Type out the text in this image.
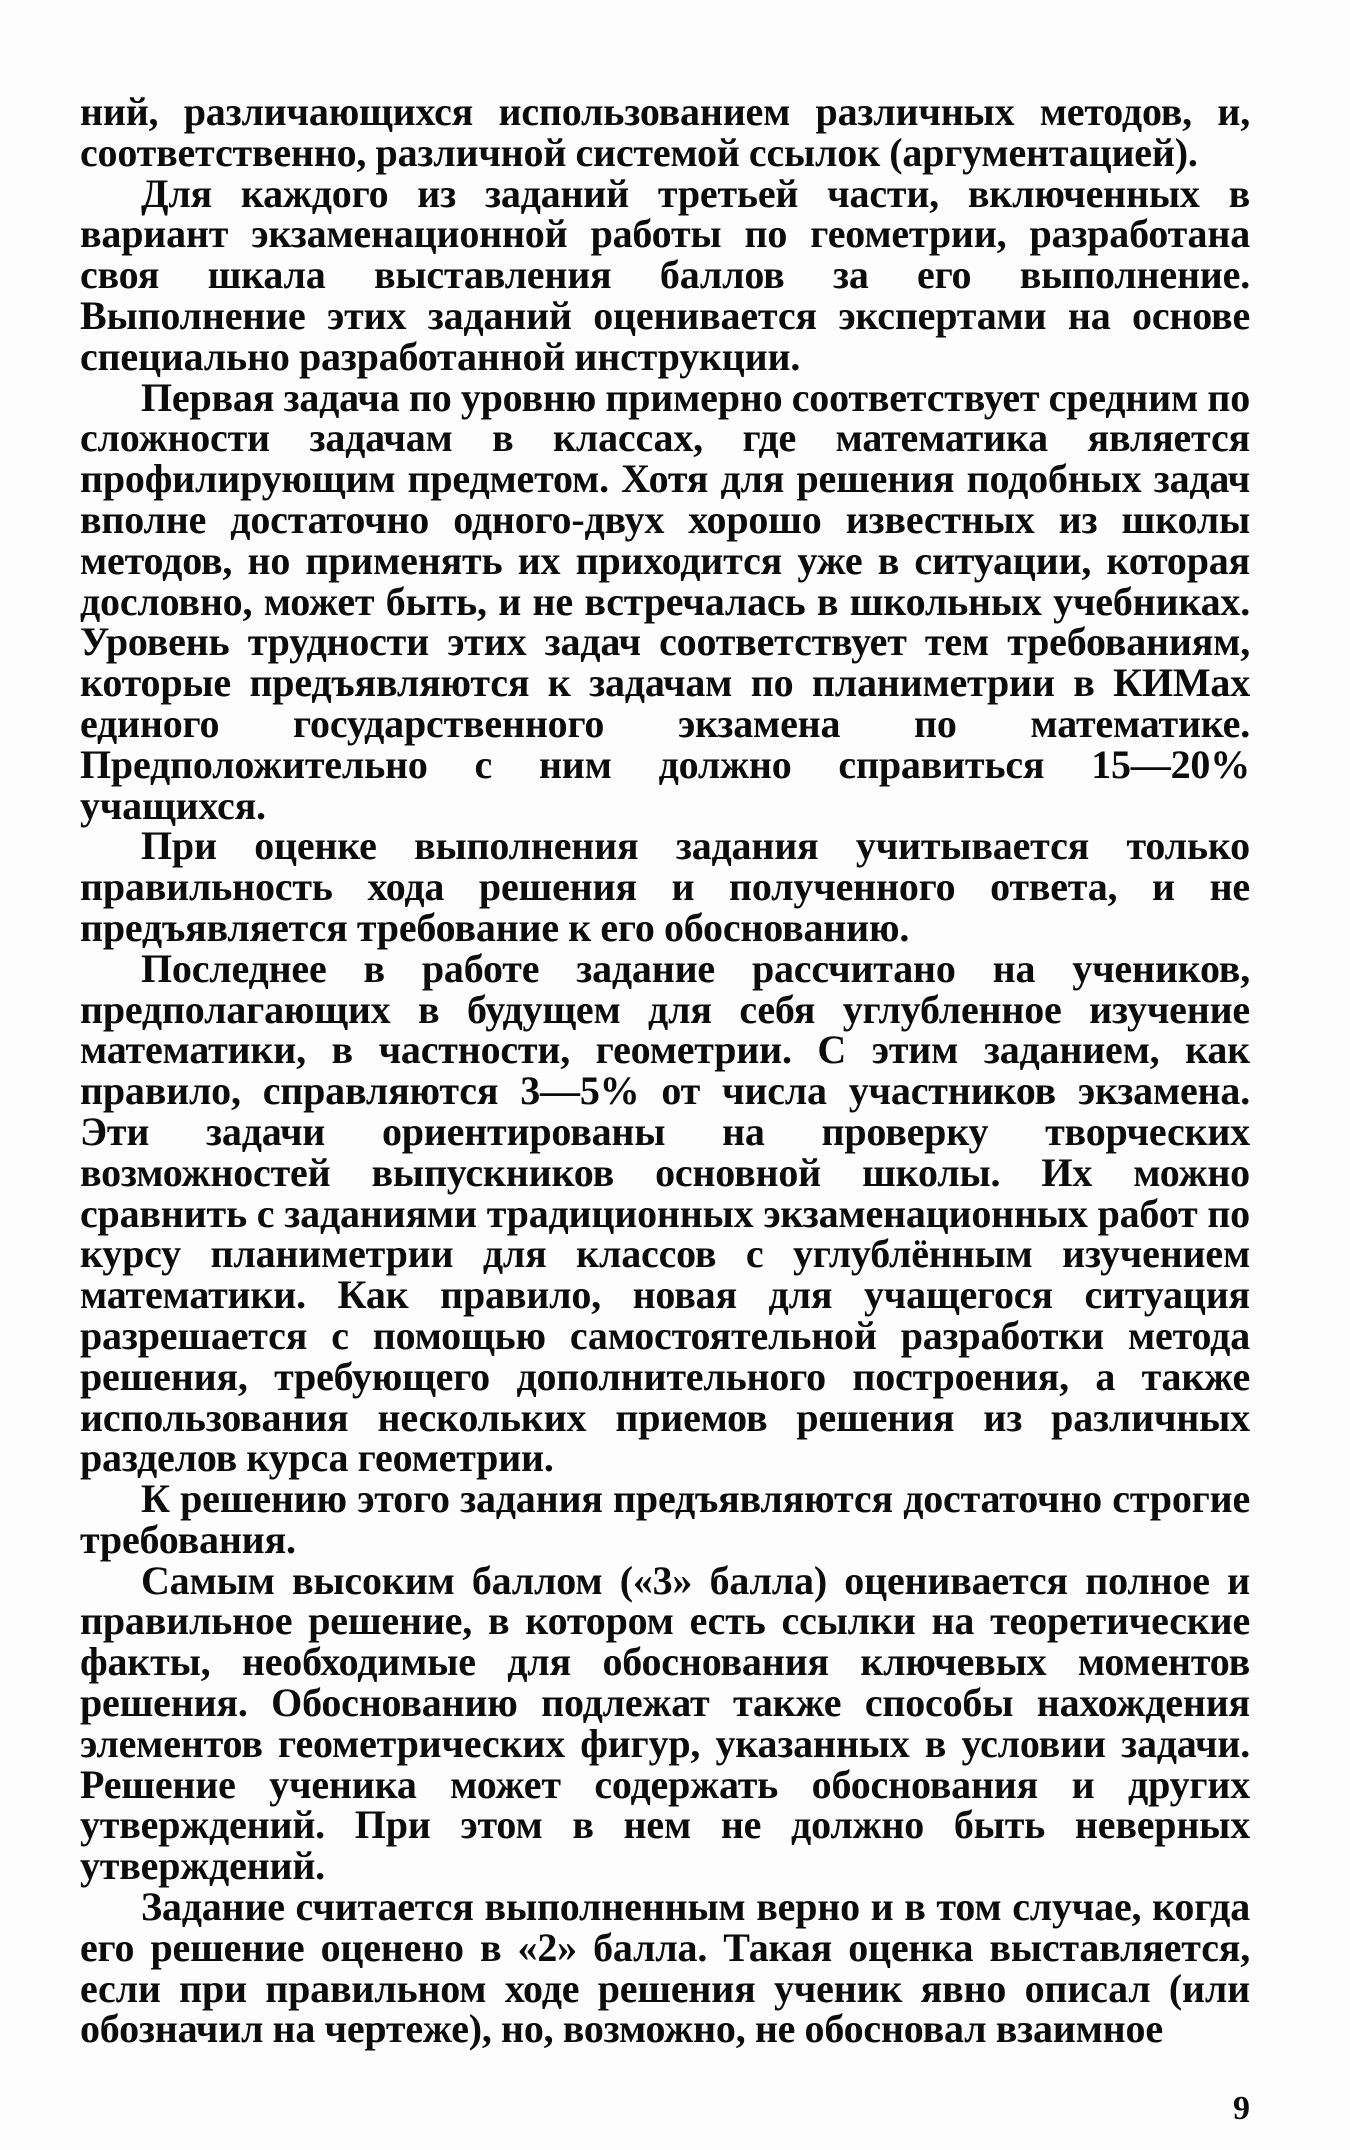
ний, различающихся использованием различных методов, и, соответственно, различной системой ссылок (аргументацией).

Для каждого из заданий третьей части, включенных в вариант экзаменационной работы по геометрии, разработана своя шкала выставления баллов за его выполнение. Выполнение этих заданий оценивается экспертами на основе специально разработанной инструкции.

Первая задача по уровню примерно соответствует средним по сложности задачам в классах, где математика является профилирующим предметом. Хотя для решения подобных задач вполне достаточно одного-двух хорошо известных из школы методов, но применять их приходится уже в ситуации, которая дословно, может быть, и не встречалась в школьных учебниках. Уровень трудности этих задач соответствует тем требованиям, которые предъявляются к задачам по планиметрии в КИМах единого государственного экзамена по математике. Предположительно с ним должно справиться 15—20% учащихся.

При оценке выполнения задания учитывается только правильность хода решения и полученного ответа, и не предъявляется требование к его обоснованию.

Последнее в работе задание рассчитано на учеников, предполагающих в будущем для себя углубленное изучение математики, в частности, геометрии. С этим заданием, как правило, справляются 3—5% от числа участников экзамена. Эти задачи ориентированы на проверку творческих возможностей выпускников основной школы. Их можно сравнить с заданиями традиционных экзаменационных работ по курсу планиметрии для классов с углублённым изучением математики. Как правило, новая для учащегося ситуация разрешается с помощью самостоятельной разработки метода решения, требующего дополнительного построения, а также использования нескольких приемов решения из различных разделов курса геометрии.

К решению этого задания предъявляются достаточно строгие требования.

Самым высоким баллом («3» балла) оценивается полное и правильное решение, в котором есть ссылки на теоретические факты, необходимые для обоснования ключевых моментов решения. Обоснованию подлежат также способы нахождения элементов геометрических фигур, указанных в условии задачи. Решение ученика может содержать обоснования и других утверждений. При этом в нем не должно быть неверных утверждений.

Задание считается выполненным верно и в том случае, когда его решение оценено в «2» балла. Такая оценка выставляется, если при правильном ходе решения ученик явно описал (или обозначил на чертеже), но, возможно, не обосновал взаимное

9
